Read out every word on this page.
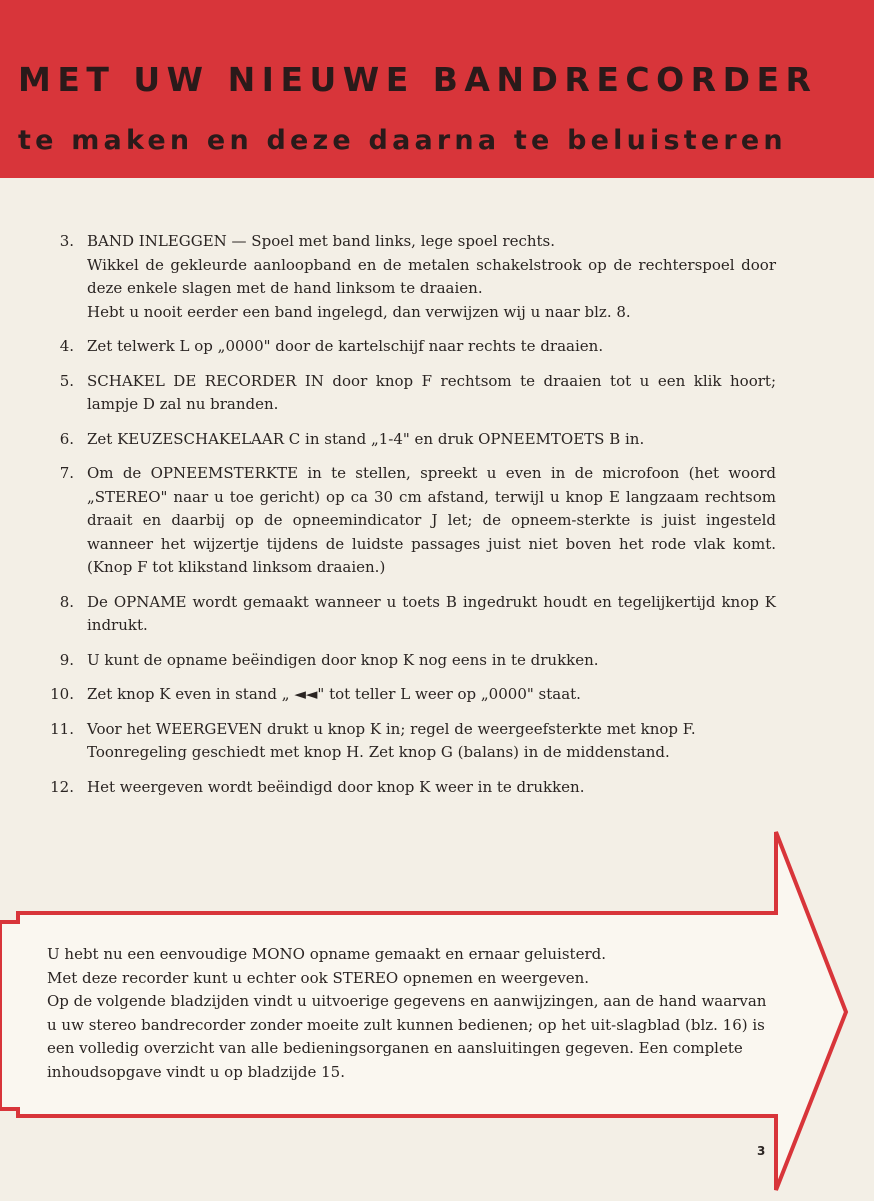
MET UW NIEUWE BANDRECORDER
te maken en deze daarna te beluisteren
3. BAND INLEGGEN — Spoel met band links, lege spoel rechts.
Wikkel de gekleurde aanloopband en de metalen schakelstrook op de rechterspoel door deze enkele slagen met de hand linksom te draaien.
Hebt u nooit eerder een band ingelegd, dan verwijzen wij u naar blz. 8.
4. Zet telwerk L op „0000" door de kartelschijf naar rechts te draaien.
5. SCHAKEL DE RECORDER IN door knop F rechtsom te draaien tot u een klik hoort; lampje D zal nu branden.
6. Zet KEUZESCHAKELAAR C in stand „1-4" en druk OPNEEMTOETS B in.
7. Om de OPNEEMSTERKTE in te stellen, spreekt u even in de microfoon (het woord „STEREO" naar u toe gericht) op ca 30 cm afstand, terwijl u knop E langzaam rechtsom draait en daarbij op de opneemindicator J let; de opneem-sterkte is juist ingesteld wanneer het wijzertje tijdens de luidste passages juist niet boven het rode vlak komt. (Knop F tot klikstand linksom draaien.)
8. De OPNAME wordt gemaakt wanneer u toets B ingedrukt houdt en tegelijkertijd knop K indrukt.
9. U kunt de opname beëindigen door knop K nog eens in te drukken.
10. Zet knop K even in stand „ ◄◄" tot teller L weer op „0000" staat.
11. Voor het WEERGEVEN drukt u knop K in; regel de weergeefsterkte met knop F.
Toonregeling geschiedt met knop H. Zet knop G (balans) in de middenstand.
12. Het weergeven wordt beëindigd door knop K weer in te drukken.
U hebt nu een eenvoudige MONO opname gemaakt en ernaar geluisterd.
Met deze recorder kunt u echter ook STEREO opnemen en weergeven.
Op de volgende bladzijden vindt u uitvoerige gegevens en aanwijzingen, aan de hand waarvan u uw stereo bandrecorder zonder moeite zult kunnen bedienen; op het uit-slagblad (blz. 16) is een volledig overzicht van alle bedieningsorganen en aansluitingen gegeven. Een complete inhoudsopgave vindt u op bladzijde 15.
3
